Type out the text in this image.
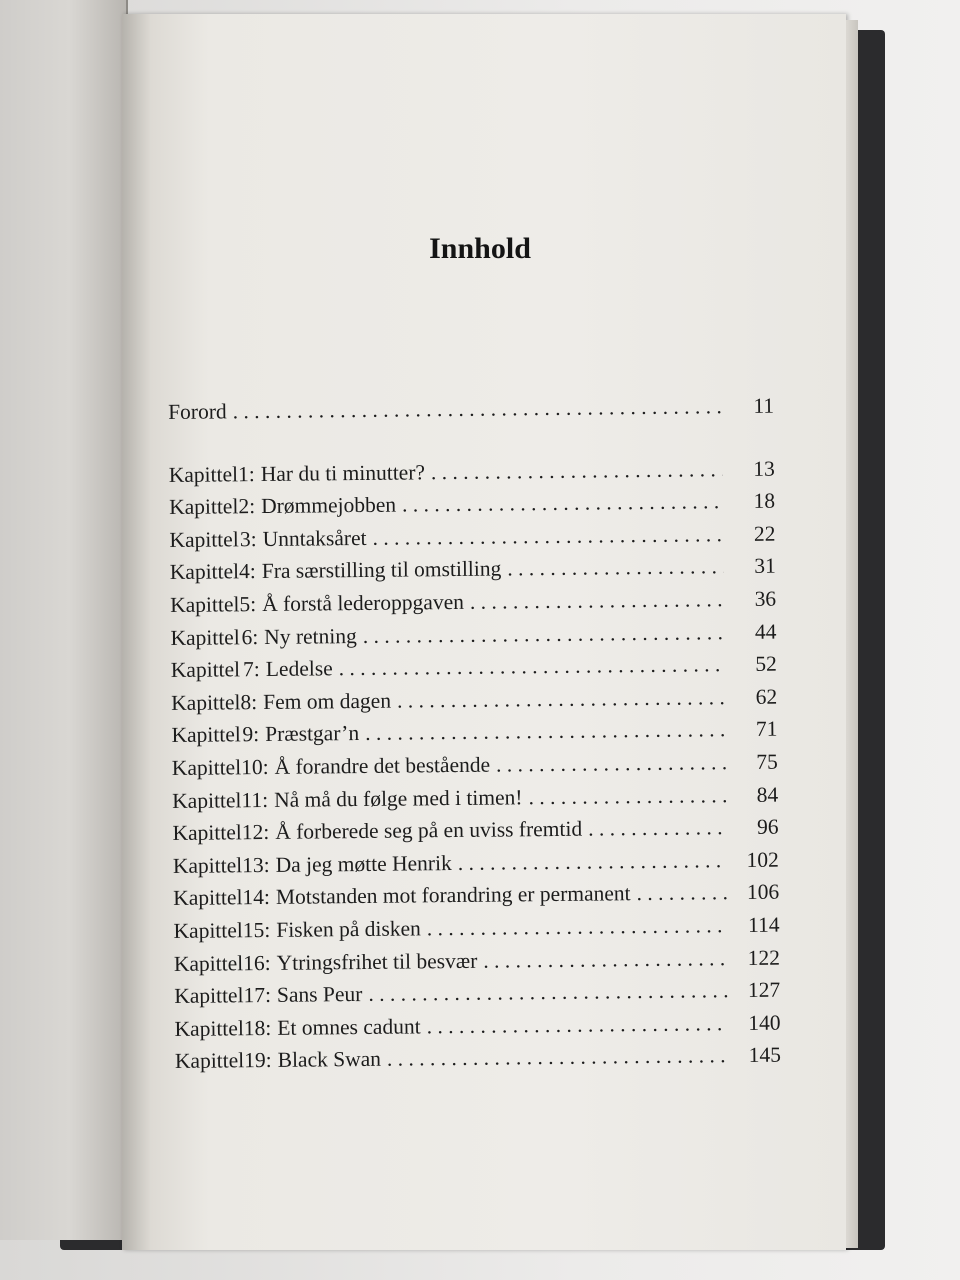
Innhold
Forord . . .	11
Kapittel 1: Har du ti minutter? . . .	13
Kapittel 2: Drømmejobben . . .	18
Kapittel 3: Unntaksåret . . .	22
Kapittel 4: Fra særstilling til omstilling . . .	31
Kapittel 5: Å forstå lederoppgaven . . .	36
Kapittel 6: Ny retning . . .	44
Kapittel 7: Ledelse . . .	52
Kapittel 8: Fem om dagen . . .	62
Kapittel 9: Præstgar’n . . .	71
Kapittel 10: Å forandre det bestående . . .	75
Kapittel 11: Nå må du følge med i timen! . . .	84
Kapittel 12: Å forberede seg på en uviss fremtid . . .	96
Kapittel 13: Da jeg møtte Henrik . . .	102
Kapittel 14: Motstanden mot forandring er permanent . . .	106
Kapittel 15: Fisken på disken . . .	114
Kapittel 16: Ytringsfrihet til besvær . . .	122
Kapittel 17: Sans Peur . . .	127
Kapittel 18: Et omnes cadunt . . .	140
Kapittel 19: Black Swan . . .	145
